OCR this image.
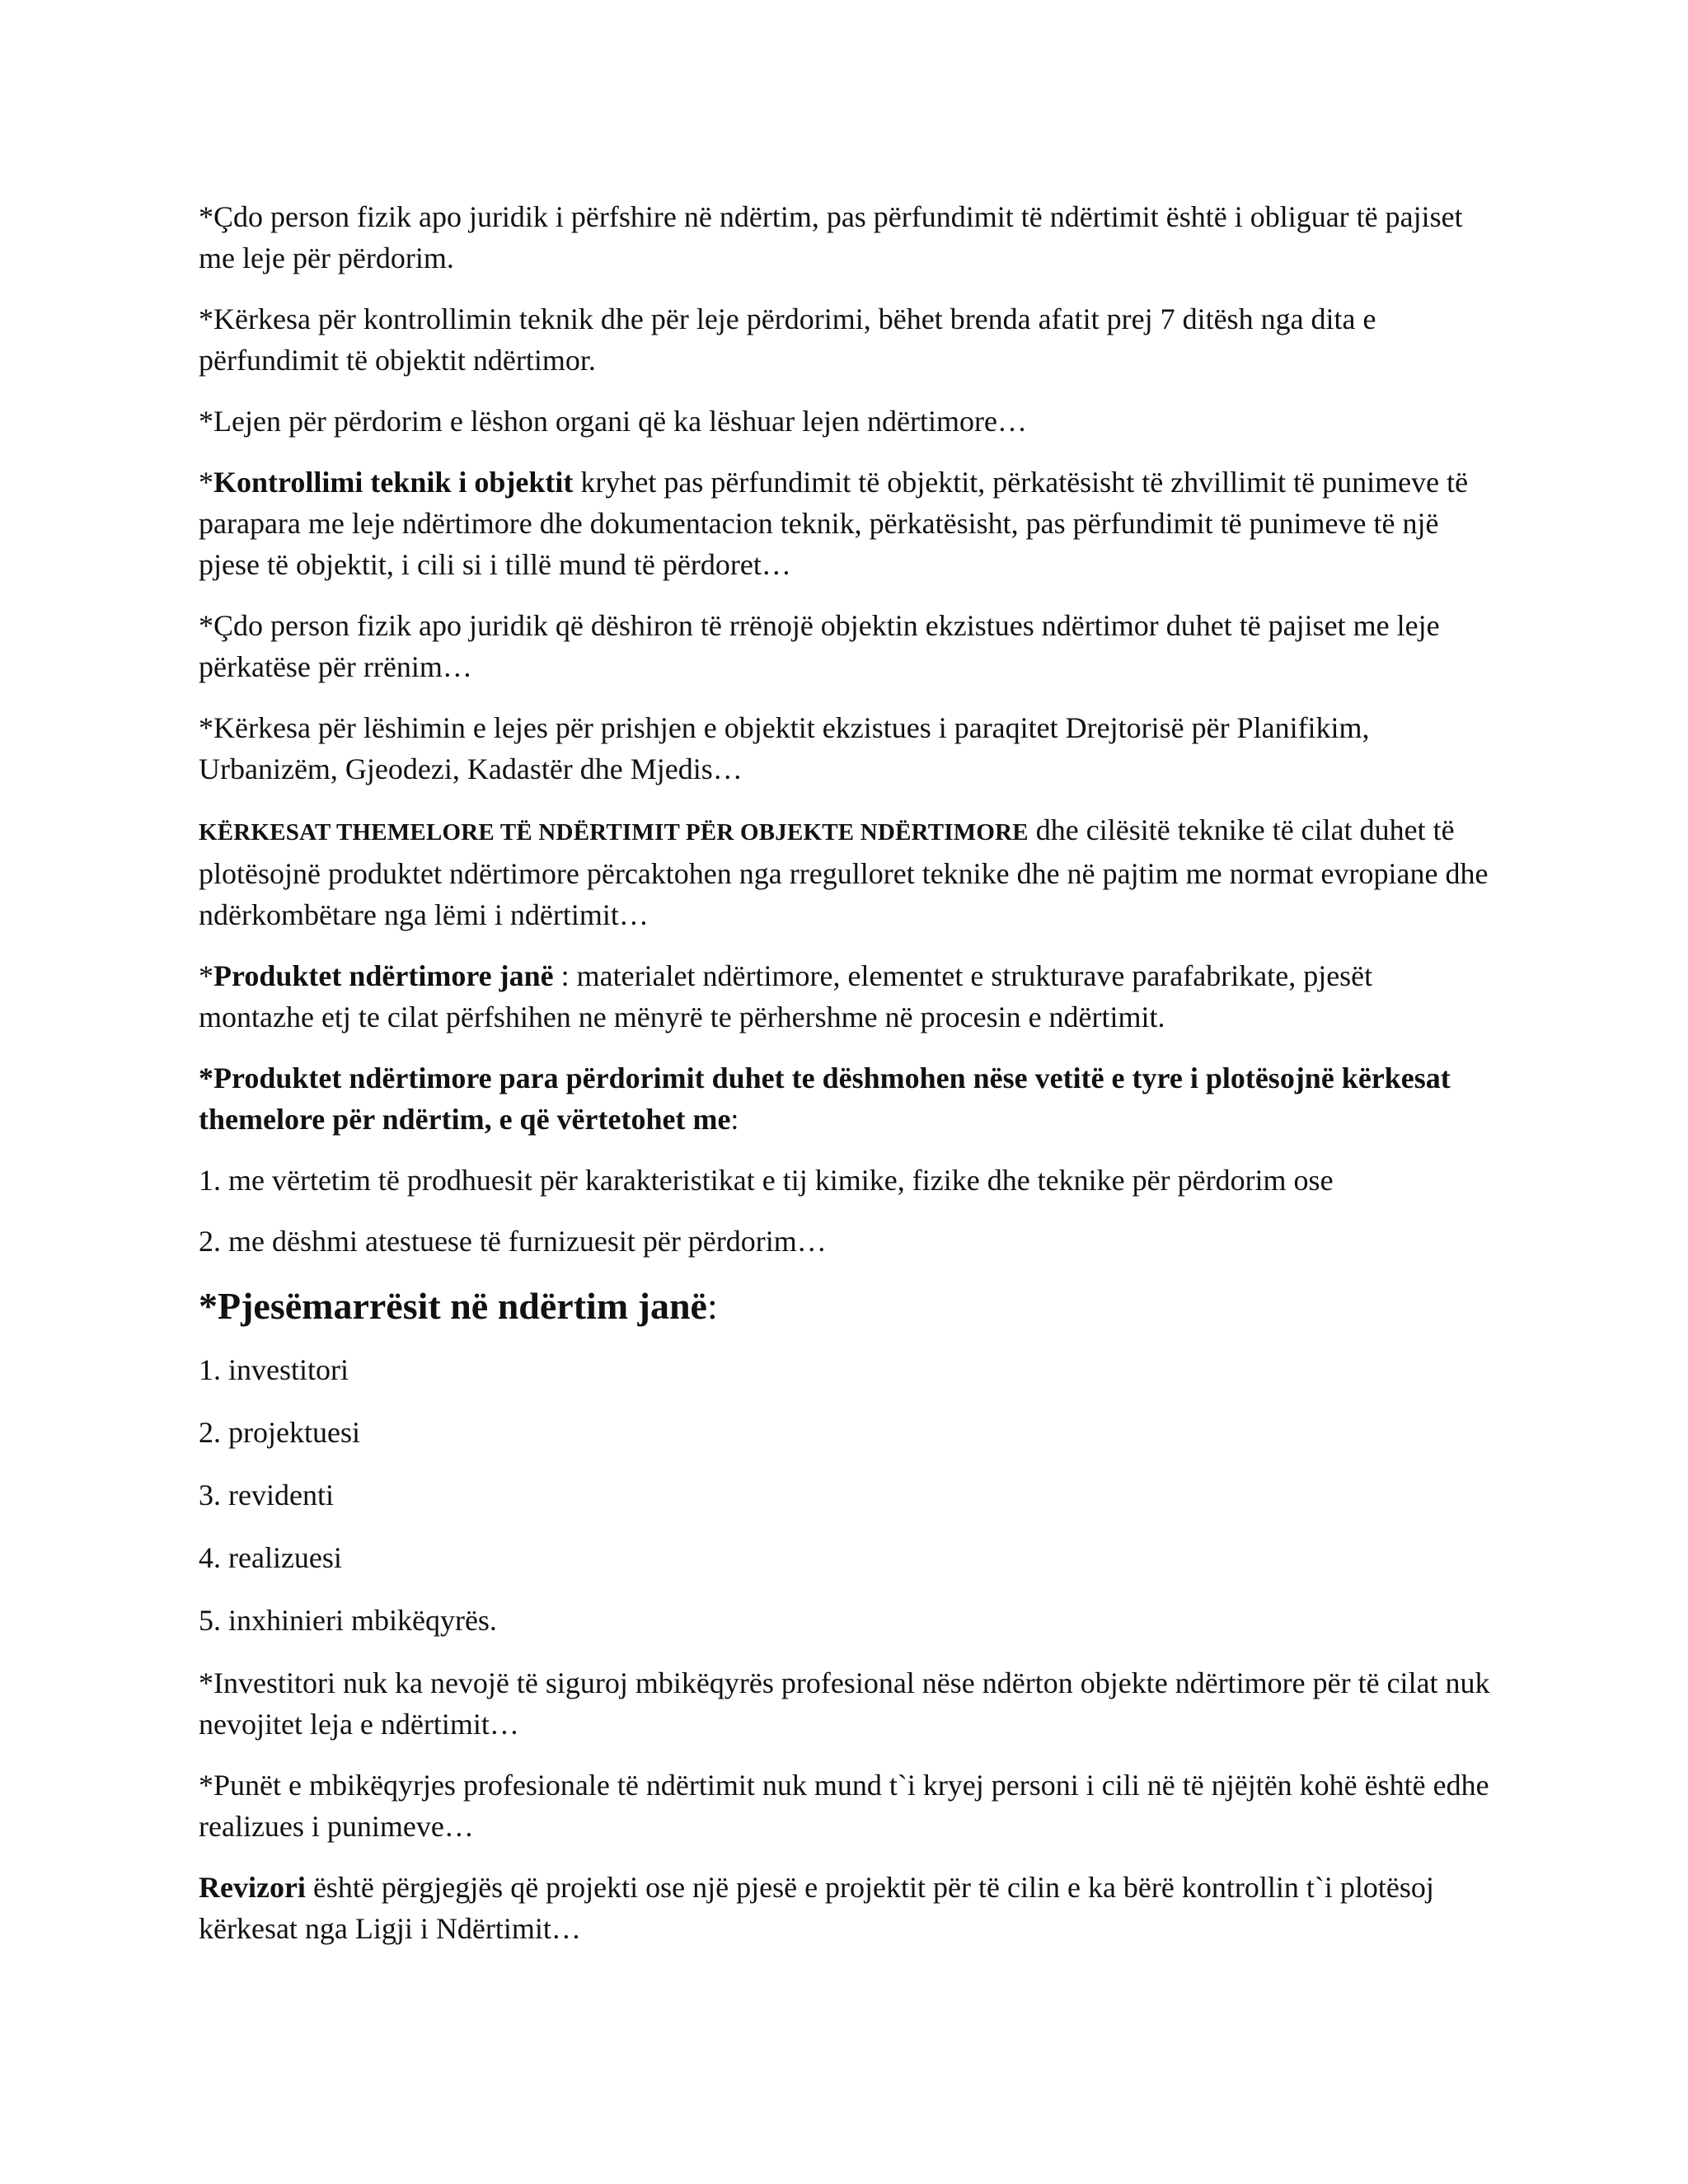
*Çdo person fizik apo juridik i përfshire në ndërtim, pas përfundimit të ndërtimit është i obliguar të pajiset me leje për përdorim.

*Kërkesa për kontrollimin teknik dhe për leje përdorimi, bëhet brenda afatit prej 7 ditësh nga dita e përfundimit të objektit ndërtimor.

*Lejen për përdorim e lëshon organi që ka lëshuar lejen ndërtimore…

*Kontrollimi teknik i objektit kryhet pas përfundimit të objektit, përkatësisht të zhvillimit të punimeve të parapara me leje ndërtimore dhe dokumentacion teknik, përkatësisht, pas përfundimit të punimeve të një pjese të objektit, i cili si i tillë mund të përdoret…

*Çdo person fizik apo juridik që dëshiron të rrënojë objektin ekzistues ndërtimor duhet të pajiset me leje përkatëse për rrënim…

*Kërkesa për lëshimin e lejes për prishjen e objektit ekzistues i paraqitet Drejtorisë për Planifikim, Urbanizëm, Gjeodezi, Kadastër dhe Mjedis…

KËRKESAT THEMELORE TË NDËRTIMIT PËR OBJEKTE NDËRTIMORE dhe cilësitë teknike të cilat duhet të plotësojnë produktet ndërtimore përcaktohen nga rregulloret teknike dhe në pajtim me normat evropiane dhe ndërkombëtare nga lëmi i ndërtimit…

*Produktet ndërtimore janë : materialet ndërtimore, elementet e strukturave parafabrikate, pjesët montazhe etj te cilat përfshihen ne mënyrë te përhershme në procesin e ndërtimit.

*Produktet ndërtimore para përdorimit duhet te dëshmohen nëse vetitë e tyre i plotësojnë kërkesat themelore për ndërtim, e që vërtetohet me:

1. me vërtetim të prodhuesit për karakteristikat e tij kimike, fizike dhe teknike për përdorim ose

2. me dëshmi atestuese të furnizuesit për përdorim…

*Pjesëmarrësit në ndërtim janë:

1. investitori

2. projektuesi

3. revidenti

4. realizuesi

5. inxhinieri mbikëqyrës.

*Investitori nuk ka nevojë të siguroj mbikëqyrës profesional nëse ndërton objekte ndërtimore për të cilat nuk nevojitet leja e ndërtimit…

*Punët e mbikëqyrjes profesionale të ndërtimit nuk mund t`i kryej personi i cili në të njëjtën kohë është edhe realizues i punimeve…

Revizori është përgjegjës që projekti ose një pjesë e projektit për të cilin e ka bërë kontrollin t`i plotësoj kërkesat nga Ligji i Ndërtimit…
